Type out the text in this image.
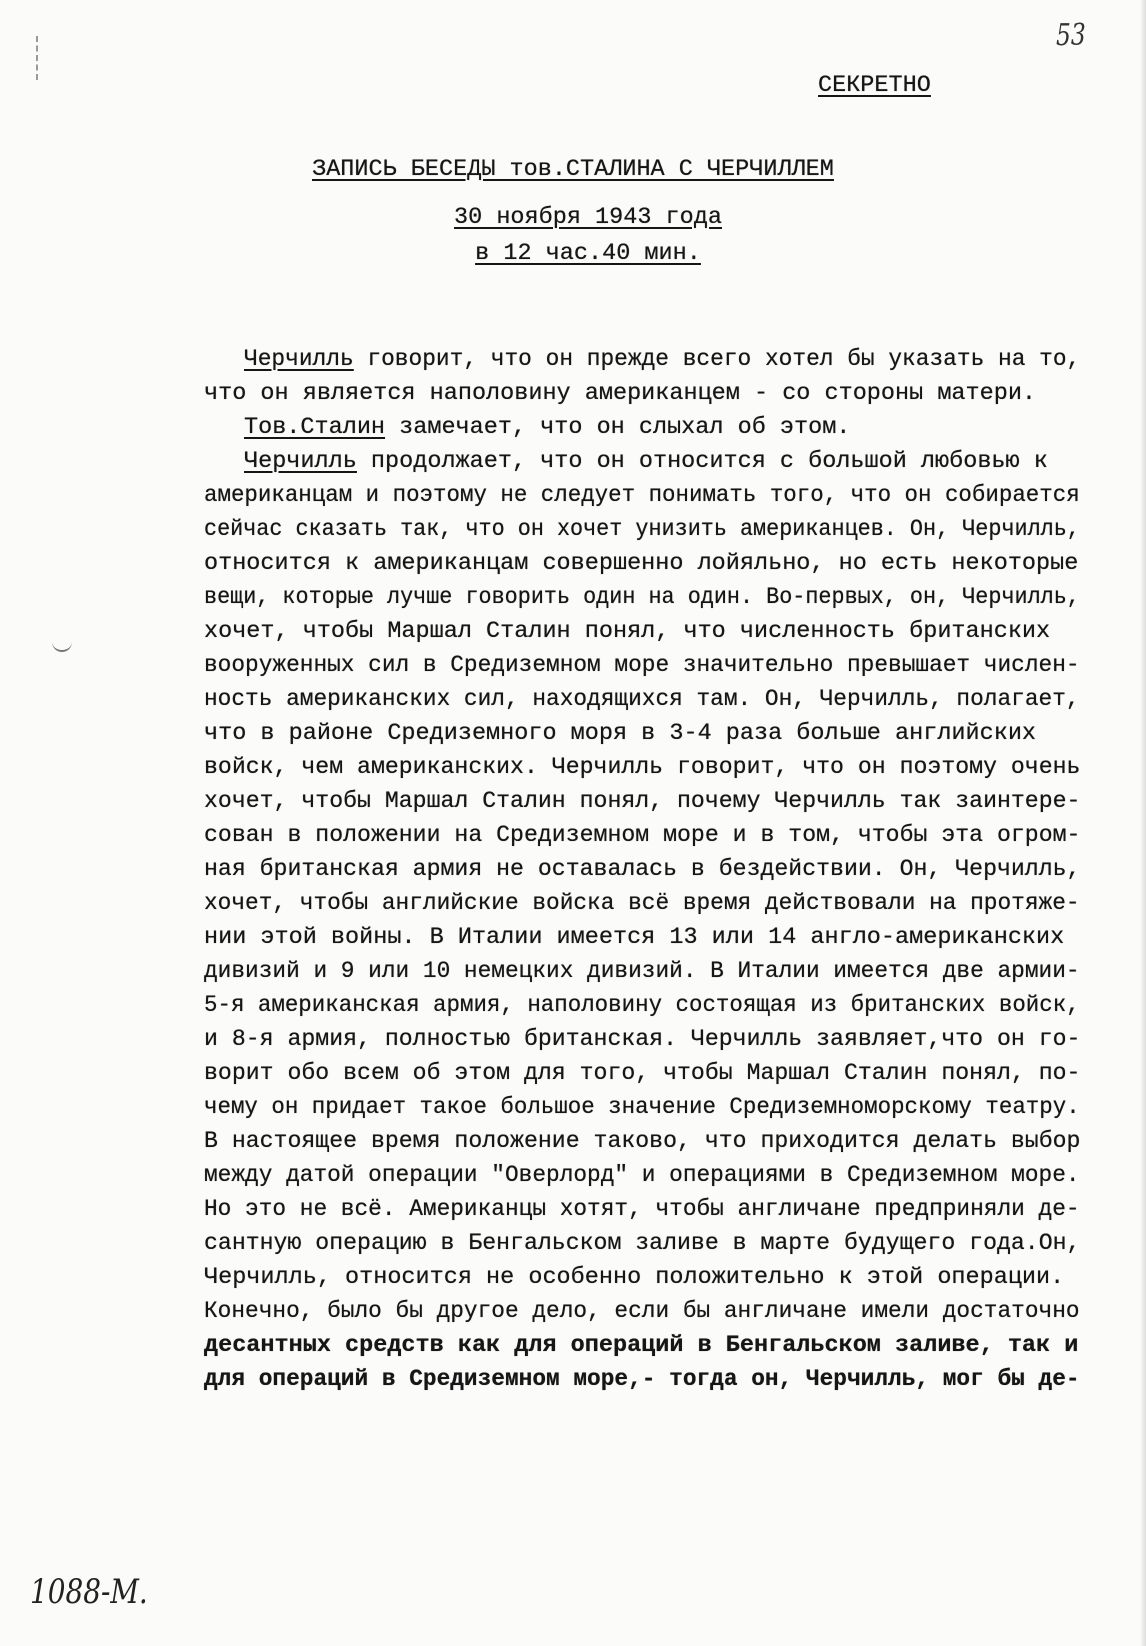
53
СЕКРЕТНО
ЗАПИСЬ БЕСЕДЫ тов.СТАЛИНА С ЧЕРЧИЛЛЕМ
30 ноября 1943 года
в 12 час.40 мин.
Черчилль говорит, что он прежде всего хотел бы указать на то,
что он является наполовину американцем - со стороны матери.
Тов.Сталин замечает, что он слыхал об этом.
Черчилль продолжает, что он относится с большой любовью к
американцам и поэтому не следует понимать того, что он собирается
сейчас сказать так, что он хочет унизить американцев. Он, Черчилль,
относится к американцам совершенно лойяльно, но есть некоторые
вещи, которые лучше говорить один на один. Во-первых, он, Черчилль,
хочет, чтобы Маршал Сталин понял, что численность британских
вооруженных сил в Средиземном море значительно превышает числен-
ность американских сил, находящихся там. Он, Черчилль, полагает,
что в районе Средиземного моря в 3-4 раза больше английских
войск, чем американских. Черчилль говорит, что он поэтому очень
хочет, чтобы Маршал Сталин понял, почему Черчилль так заинтере-
сован в положении на Средиземном море и в том, чтобы эта огром-
ная британская армия не оставалась в бездействии. Он, Черчилль,
хочет, чтобы английские войска всё время действовали на протяже-
нии этой войны. В Италии имеется 13 или 14 англо-американских
дивизий и 9 или 10 немецких дивизий. В Италии имеется две армии-
5-я американская армия, наполовину состоящая из британских войск,
и 8-я армия, полностью британская. Черчилль заявляет,что он го-
ворит обо всем об этом для того, чтобы Маршал Сталин понял, по-
чему он придает такое большое значение Средиземноморскому театру.
В настоящее время положение таково, что приходится делать выбор
между датой операции "Оверлорд" и операциями в Средиземном море.
Но это не всё. Американцы хотят, чтобы англичане предприняли де-
сантную операцию в Бенгальском заливе в марте будущего года.Он,
Черчилль, относится не особенно положительно к этой операции.
Конечно, было бы другое дело, если бы англичане имели достаточно
десантных средств как для операций в Бенгальском заливе, так и
для операций в Средиземном море,- тогда он, Черчилль, мог бы де-
1088-М.
